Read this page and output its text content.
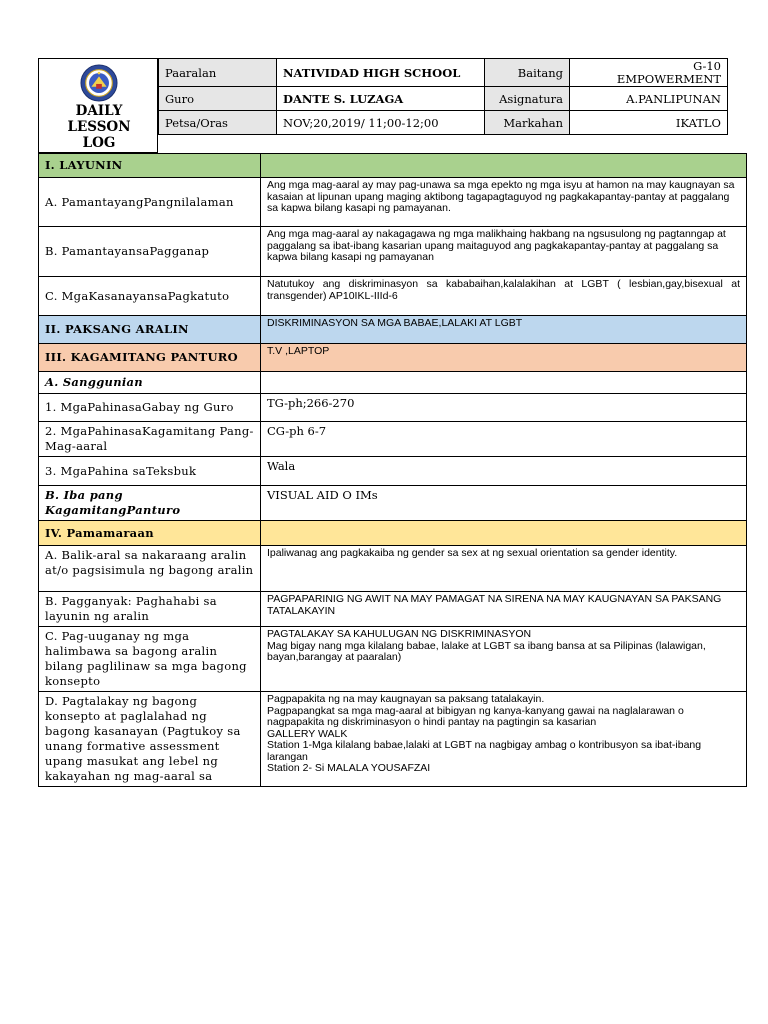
DAILY
LESSON
LOG
Paaralan	NATIVIDAD HIGH SCHOOL	Baitang	G-10
EMPOWERMENT
Guro	DANTE S. LUZAGA	Asignatura	A.PANLIPUNAN
Petsa/Oras	NOV;20,2019/ 11;00-12;00	Markahan	IKATLO
I. LAYUNIN	
A. PamantayangPangnilalaman	Ang mga mag-aaral ay may pag-unawa sa mga epekto ng mga isyu at hamon na may kaugnayan sa kasaian at lipunan upang maging aktibong tagapagtaguyod ng pagkakapantay-pantay at paggalang sa kapwa bilang kasapi ng pamayanan.
B. PamantayansaPagganap	Ang mga mag-aaral ay nakagagawa ng mga malikhaing hakbang na ngsusulong ng pagtanngap at paggalang sa ibat-ibang kasarian upang maitaguyod ang pagkakapantay-pantay at paggalang sa kapwa bilang kasapi ng pamayanan
C. MgaKasanayansaPagkatuto	Natutukoy ang diskriminasyon sa kababaihan,kalalakihan at LGBT ( lesbian,gay,bisexual at transgender) AP10IKL-IIId-6
II. PAKSANG ARALIN	DISKRIMINASYON SA MGA BABAE,LALAKI AT LGBT
III. KAGAMITANG PANTURO	T.V ,LAPTOP
A. Sanggunian	
1. MgaPahinasaGabay ng Guro	TG-ph;266-270
2. MgaPahinasaKagamitang Pang- Mag-aaral	CG-ph 6-7
3. MgaPahina saTeksbuk	Wala
B. Iba pang KagamitangPanturo	VISUAL AID O IMs
IV. Pamamaraan	
A. Balik-aral sa nakaraang aralin at/o pagsisimula ng bagong aralin	Ipaliwanag ang pagkakaiba ng gender sa sex at ng sexual orientation sa gender identity.
B. Pagganyak: Paghahabi sa layunin ng aralin	PAGPAPARINIG NG AWIT NA MAY PAMAGAT NA SIRENA NA MAY KAUGNAYAN SA PAKSANG TATALAKAYIN
C. Pag-uuganay ng mga halimbawa sa bagong aralin bilang paglilinaw sa mga bagong konsepto	PAGTALAKAY SA KAHULUGAN NG DISKRIMINASYON
Mag bigay nang mga kilalang babae, lalake at LGBT sa ibang bansa at sa Pilipinas (lalawigan, bayan,barangay at paaralan)
D. Pagtalakay ng bagong konsepto at paglalahad ng bagong kasanayan (Pagtukoy sa unang formative assessment upang masukat ang lebel ng kakayahan ng mag-aaral sa	Pagpapakita ng na may kaugnayan sa paksang tatalakayin.
Pagpapangkat sa mga mag-aaral at bibigyan ng kanya-kanyang gawai na naglalarawan o nagpapakita ng diskriminasyon o hindi pantay na pagtingin sa kasarian
GALLERY WALK
Station 1-Mga kilalang babae,lalaki at LGBT na nagbigay ambag o kontribusyon sa ibat-ibang larangan
Station 2- Si MALALA YOUSAFZAI
